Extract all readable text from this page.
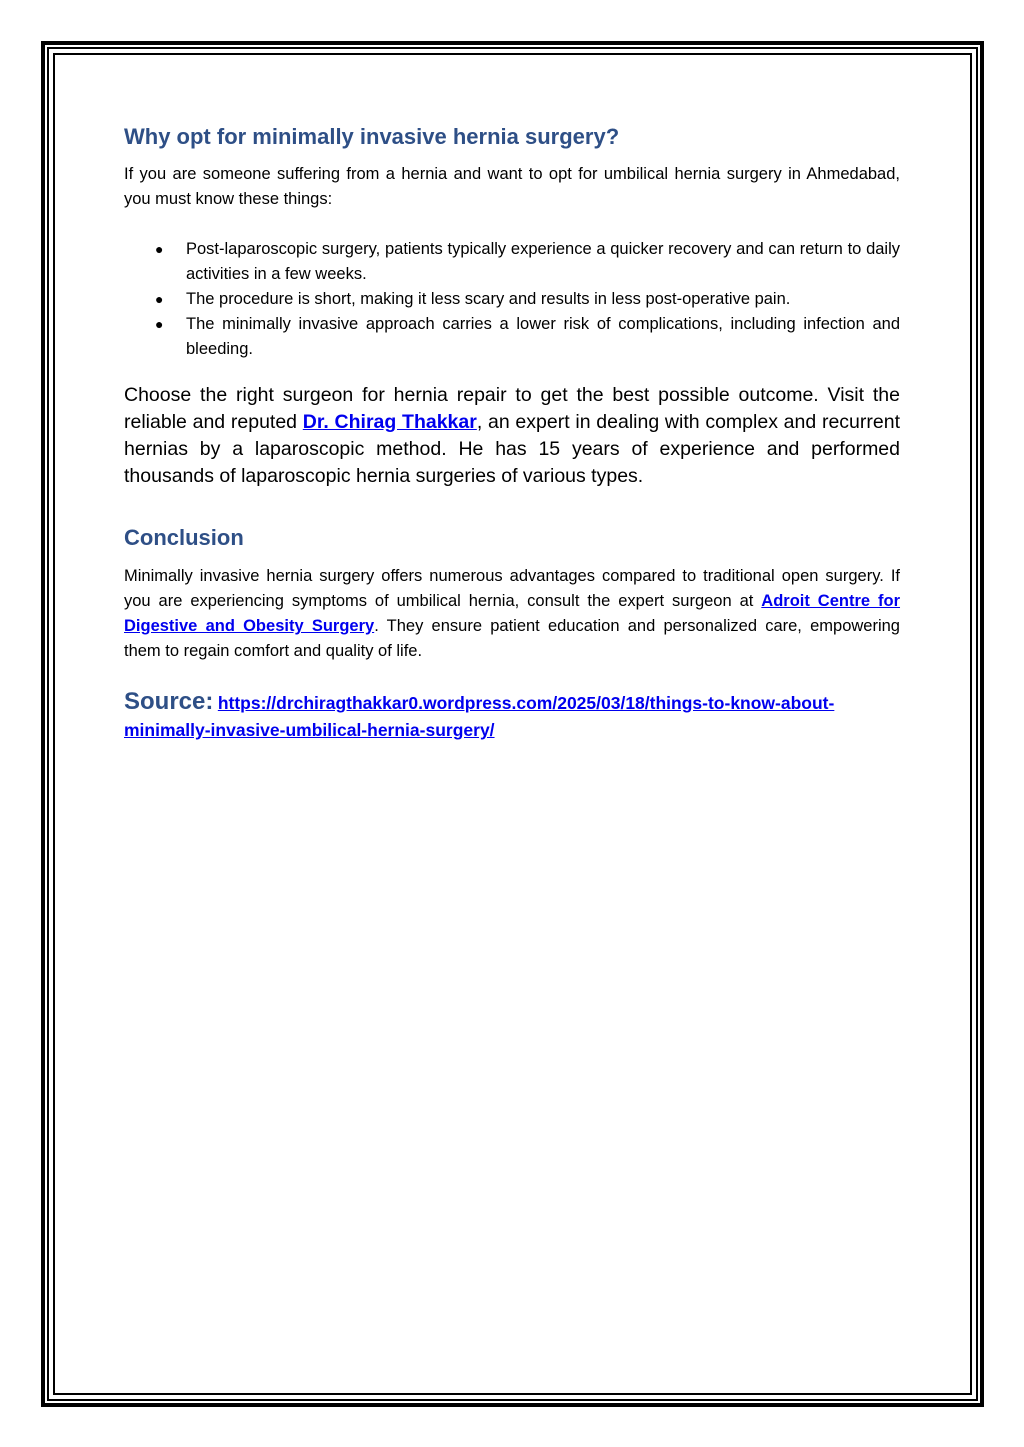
Why opt for minimally invasive hernia surgery?

If you are someone suffering from a hernia and want to opt for umbilical hernia surgery in Ahmedabad, you must know these things:

● Post-laparoscopic surgery, patients typically experience a quicker recovery and can return to daily activities in a few weeks.
● The procedure is short, making it less scary and results in less post-operative pain.
● The minimally invasive approach carries a lower risk of complications, including infection and bleeding.

Choose the right surgeon for hernia repair to get the best possible outcome. Visit the reliable and reputed Dr. Chirag Thakkar, an expert in dealing with complex and recurrent hernias by a laparoscopic method. He has 15 years of experience and performed thousands of laparoscopic hernia surgeries of various types.

Conclusion

Minimally invasive hernia surgery offers numerous advantages compared to traditional open surgery. If you are experiencing symptoms of umbilical hernia, consult the expert surgeon at Adroit Centre for Digestive and Obesity Surgery. They ensure patient education and personalized care, empowering them to regain comfort and quality of life.

Source: https://drchiragthakkar0.wordpress.com/2025/03/18/things-to-know-about-minimally-invasive-umbilical-hernia-surgery/
